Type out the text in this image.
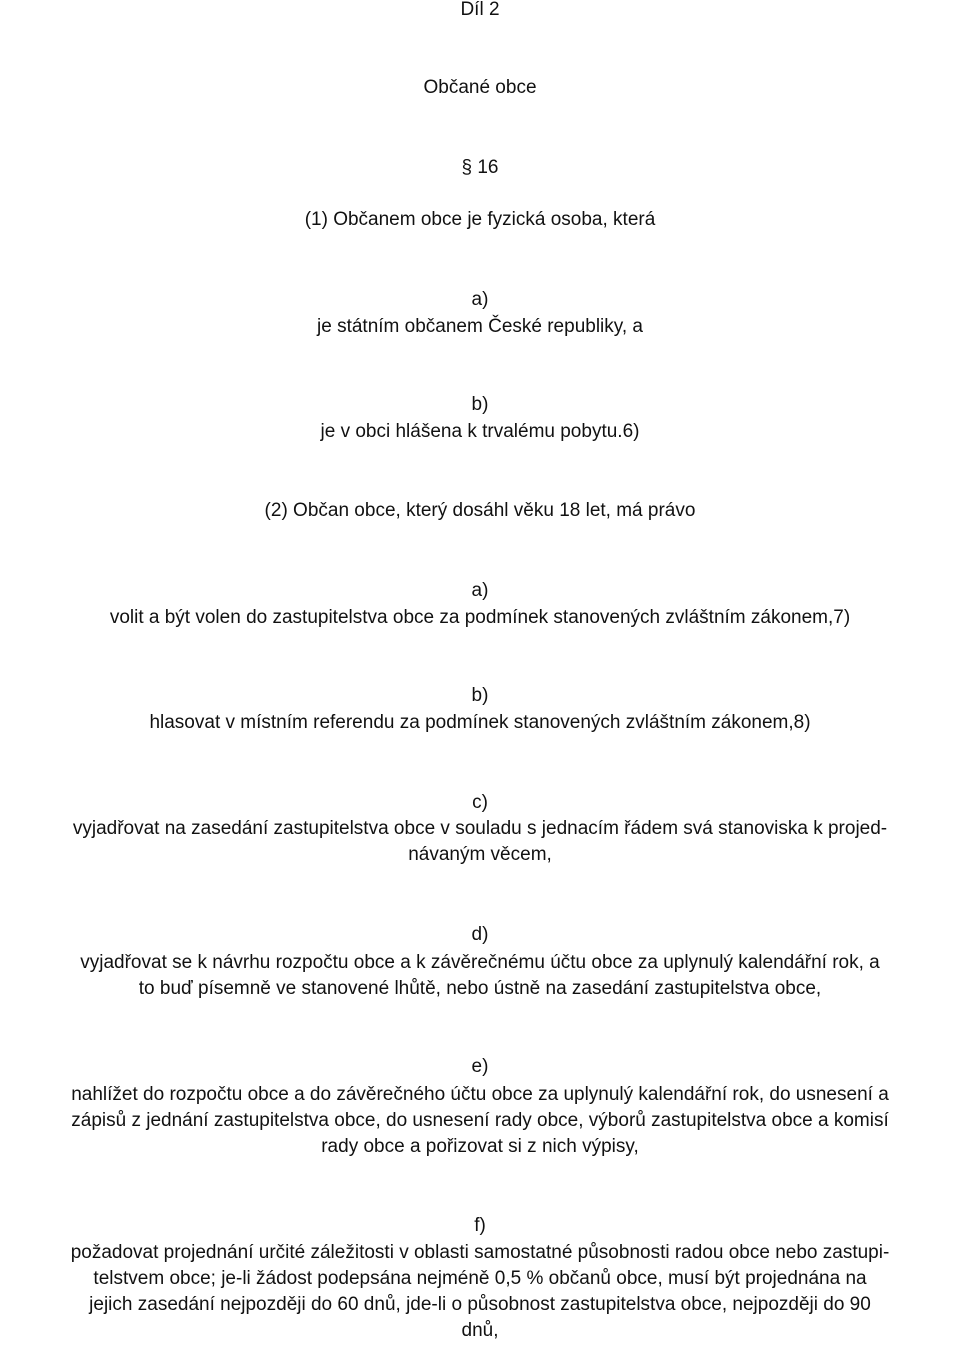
Díl 2
Občané obce
§ 16
(1) Občanem obce je fyzická osoba, která
a)
je státním občanem České republiky, a
b)
je v obci hlášena k trvalému pobytu.6)
(2) Občan obce, který dosáhl věku 18 let, má právo
a)
volit a být volen do zastupitelstva obce za podmínek stanovených zvláštním zákonem,7)
b)
hlasovat v místním referendu za podmínek stanovených zvláštním zákonem,8)
c)
vyjadřovat na zasedání zastupitelstva obce v souladu s jednacím řádem svá stanoviska k projed-
návaným věcem,
d)
vyjadřovat se k návrhu rozpočtu obce a k závěrečnému účtu obce za uplynulý kalendářní rok, a
to buď písemně ve stanovené lhůtě, nebo ústně na zasedání zastupitelstva obce,
e)
nahlížet do rozpočtu obce a do závěrečného účtu obce za uplynulý kalendářní rok, do usnesení a
zápisů z jednání zastupitelstva obce, do usnesení rady obce, výborů zastupitelstva obce a komisí
rady obce a pořizovat si z nich výpisy,
f)
požadovat projednání určité záležitosti v oblasti samostatné působnosti radou obce nebo zastupi-
telstvem obce; je-li žádost podepsána nejméně 0,5 % občanů obce, musí být projednána na
jejich zasedání nejpozději do 60 dnů, jde-li o působnost zastupitelstva obce, nejpozději do 90
dnů,
